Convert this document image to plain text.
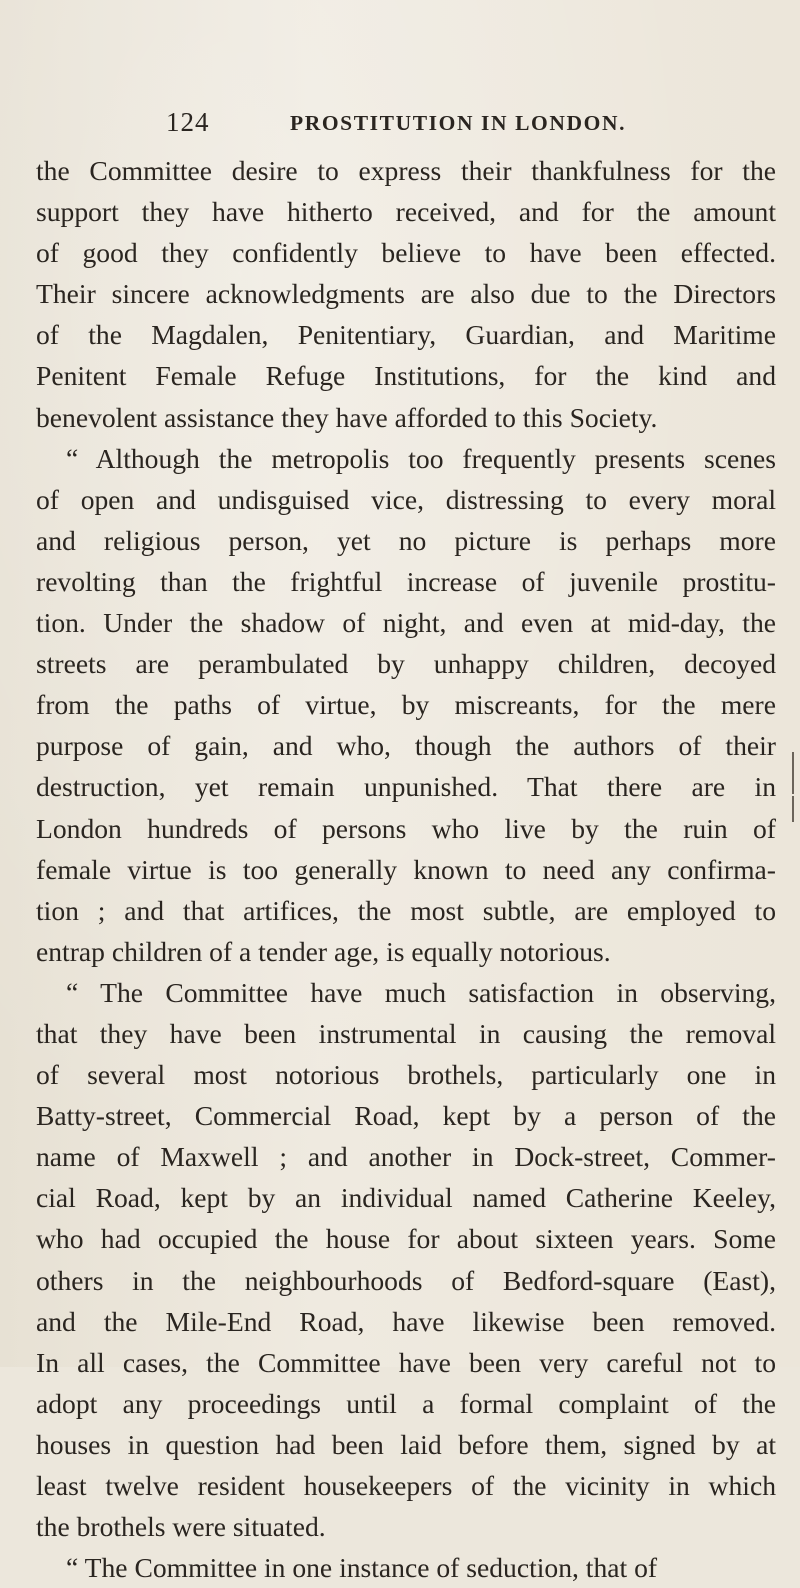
124	PROSTITUTION IN LONDON.
the Committee desire to express their thankfulness for the
support they have hitherto received, and for the amount
of good they confidently believe to have been effected.
Their sincere acknowledgments are also due to the Directors
of the Magdalen, Penitentiary, Guardian, and Maritime
Penitent Female Refuge Institutions, for the kind and
benevolent assistance they have afforded to this Society.
“ Although the metropolis too frequently presents scenes
of open and undisguised vice, distressing to every moral
and religious person, yet no picture is perhaps more
revolting than the frightful increase of juvenile prostitu-
tion. Under the shadow of night, and even at mid-day, the
streets are perambulated by unhappy children, decoyed
from the paths of virtue, by miscreants, for the mere
purpose of gain, and who, though the authors of their
destruction, yet remain unpunished. That there are in
London hundreds of persons who live by the ruin of
female virtue is too generally known to need any confirma-
tion ; and that artifices, the most subtle, are employed to
entrap children of a tender age, is equally notorious.
“ The Committee have much satisfaction in observing,
that they have been instrumental in causing the removal
of several most notorious brothels, particularly one in
Batty-street, Commercial Road, kept by a person of the
name of Maxwell ; and another in Dock-street, Commer-
cial Road, kept by an individual named Catherine Keeley,
who had occupied the house for about sixteen years. Some
others in the neighbourhoods of Bedford-square (East),
and the Mile-End Road, have likewise been removed.
In all cases, the Committee have been very careful not to
adopt any proceedings until a formal complaint of the
houses in question had been laid before them, signed by at
least twelve resident housekeepers of the vicinity in which
the brothels were situated.
“ The Committee in one instance of seduction, that of
